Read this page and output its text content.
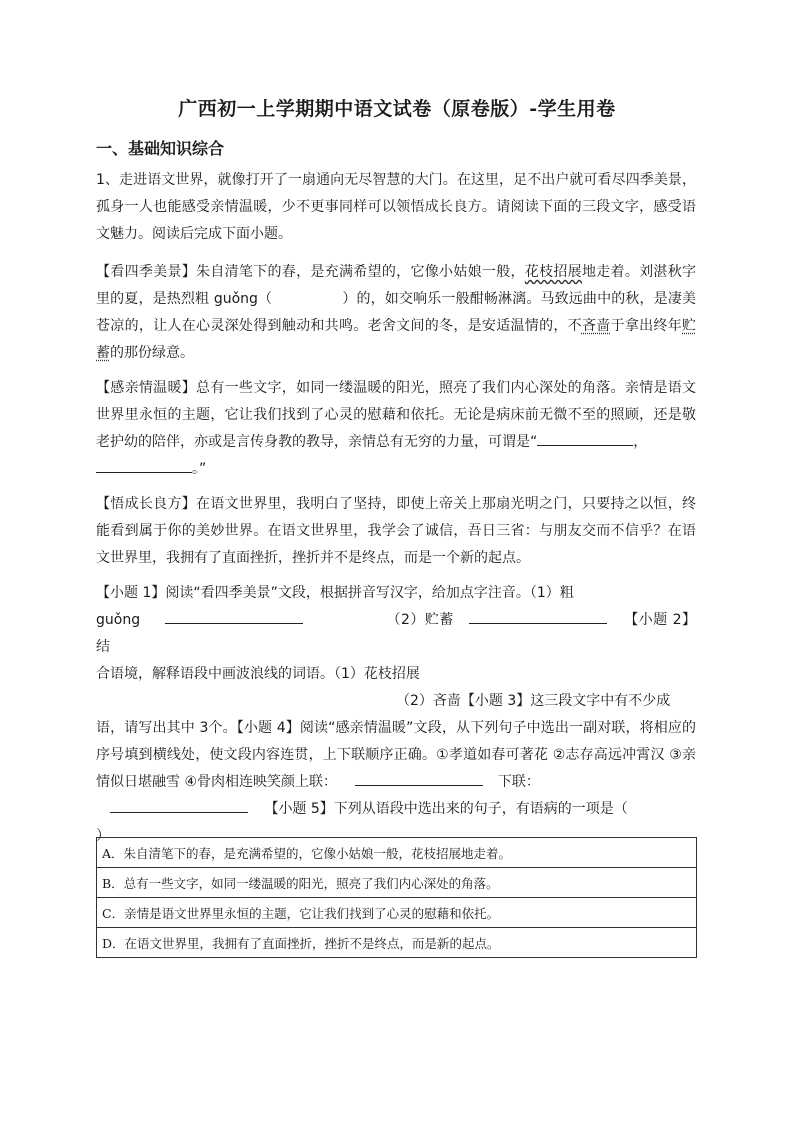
广西初一上学期期中语文试卷（原卷版）-学生用卷
一、基础知识综合
1、走进语文世界，就像打开了一扇通向无尽智慧的大门。在这里，足不出户就可看尽四季美景，孤身一人也能感受亲情温暖，少不更事同样可以领悟成长良方。请阅读下面的三段文字，感受语文魅力。阅读后完成下面小题。
【看四季美景】朱自清笔下的春，是充满希望的，它像小姑娘一般，花枝招展地走着。刘湛秋字里的夏，是热烈粗 guǒng（	）的，如交响乐一般酣畅淋漓。马致远曲中的秋，是凄美苍凉的，让人在心灵深处得到触动和共鸣。老舍文间的冬，是安适温情的，不吝啬于拿出终年贮蓄的那份绿意。
【感亲情温暖】总有一些文字，如同一缕温暖的阳光，照亮了我们内心深处的角落。亲情是语文世界里永恒的主题，它让我们找到了心灵的慰藉和依托。无论是病床前无微不至的照顾，还是敬老护幼的陪伴，亦或是言传身教的教导，亲情总有无穷的力量，可谓是“	，
。”
【悟成长良方】在语文世界里，我明白了坚持，即使上帝关上那扇光明之门，只要持之以恒，终能看到属于你的美妙世界。在语文世界里，我学会了诚信，吾日三省：与朋友交而不信乎？在语文世界里，我拥有了直面挫折，挫折并不是终点，而是一个新的起点。
【小题 1】阅读“看四季美景”文段，根据拼音写汉字，给加点字注音。（1）粗
guǒng	（2）贮蓄	【小题 2】结
合语境，解释语段中画波浪线的词语。（1）花枝招展
（2）吝啬【小题 3】这三段文字中有不少成
语，请写出其中 3个。【小题 4】阅读“感亲情温暖”文段，从下列句子中选出一副对联，将相应的序号填到横线处，使文段内容连贯，上下联顺序正确。①孝道如春可著花 ②志存高远冲霄汉 ③亲情似日堪融雪 ④骨肉相连映笑颜上联：	下联：
【小题 5】下列从语段中选出来的句子，有语病的一项是（
）
A．朱自清笔下的春，是充满希望的，它像小姑娘一般，花枝招展地走着。
B．总有一些文字，如同一缕温暖的阳光，照亮了我们内心深处的角落。
C．亲情是语文世界里永恒的主题，它让我们找到了心灵的慰藉和依托。
D．在语文世界里，我拥有了直面挫折，挫折不是终点，而是新的起点。
